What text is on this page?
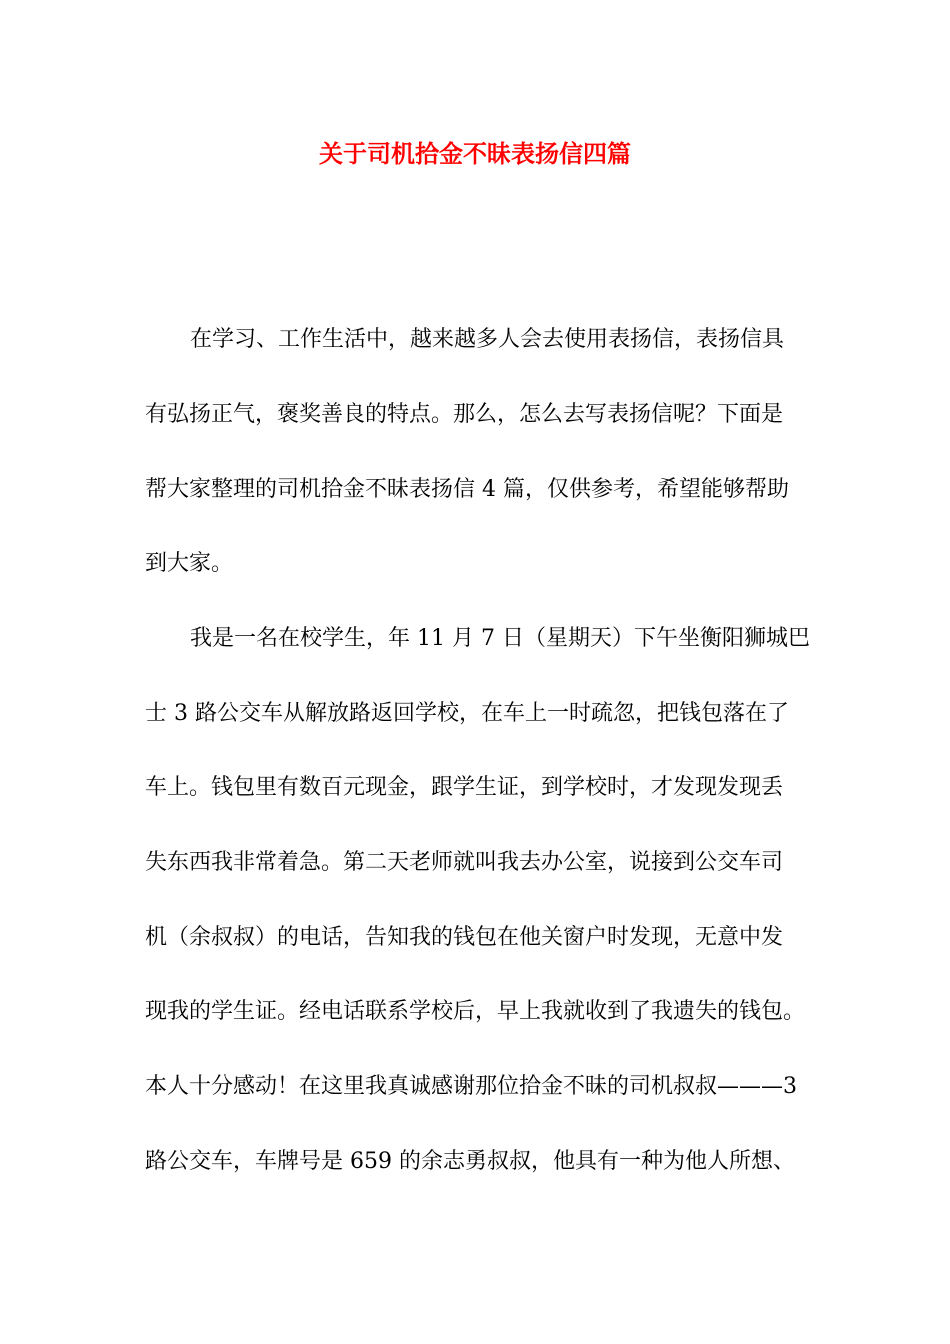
关于司机拾金不昧表扬信四篇

在学习、工作生活中，越来越多人会去使用表扬信，表扬信具

有弘扬正气，褒奖善良的特点。那么，怎么去写表扬信呢？下面是

帮大家整理的司机拾金不昧表扬信 4 篇，仅供参考，希望能够帮助

到大家。

我是一名在校学生，年 11 月 7 日（星期天）下午坐衡阳狮城巴

士 3 路公交车从解放路返回学校，在车上一时疏忽，把钱包落在了

车上。钱包里有数百元现金，跟学生证，到学校时，才发现发现丢

失东西我非常着急。第二天老师就叫我去办公室，说接到公交车司

机（余叔叔）的电话，告知我的钱包在他关窗户时发现，无意中发

现我的学生证。经电话联系学校后，早上我就收到了我遗失的钱包。

本人十分感动！在这里我真诚感谢那位拾金不昧的司机叔叔———3

路公交车，车牌号是 659 的余志勇叔叔，他具有一种为他人所想、
